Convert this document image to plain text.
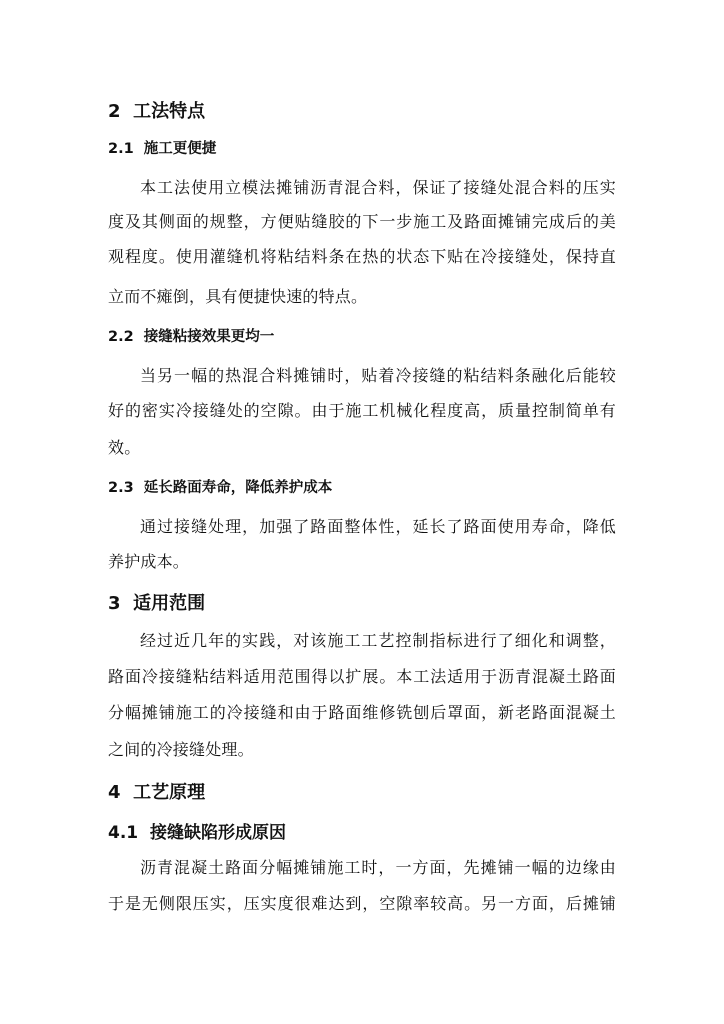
2 工法特点
2.1 施工更便捷
本工法使用立模法摊铺沥青混合料，保证了接缝处混合料的压实
度及其侧面的规整，方便贴缝胶的下一步施工及路面摊铺完成后的美
观程度。使用灌缝机将粘结料条在热的状态下贴在冷接缝处，保持直
立而不瘫倒，具有便捷快速的特点。
2.2 接缝粘接效果更均一
当另一幅的热混合料摊铺时，贴着冷接缝的粘结料条融化后能较
好的密实冷接缝处的空隙。由于施工机械化程度高，质量控制简单有
效。
2.3 延长路面寿命，降低养护成本
通过接缝处理，加强了路面整体性，延长了路面使用寿命，降低
养护成本。
3 适用范围
经过近几年的实践，对该施工工艺控制指标进行了细化和调整，
路面冷接缝粘结料适用范围得以扩展。本工法适用于沥青混凝土路面
分幅摊铺施工的冷接缝和由于路面维修铣刨后罩面，新老路面混凝土
之间的冷接缝处理。
4 工艺原理
4.1 接缝缺陷形成原因
沥青混凝土路面分幅摊铺施工时，一方面，先摊铺一幅的边缘由
于是无侧限压实，压实度很难达到，空隙率较高。另一方面，后摊铺
